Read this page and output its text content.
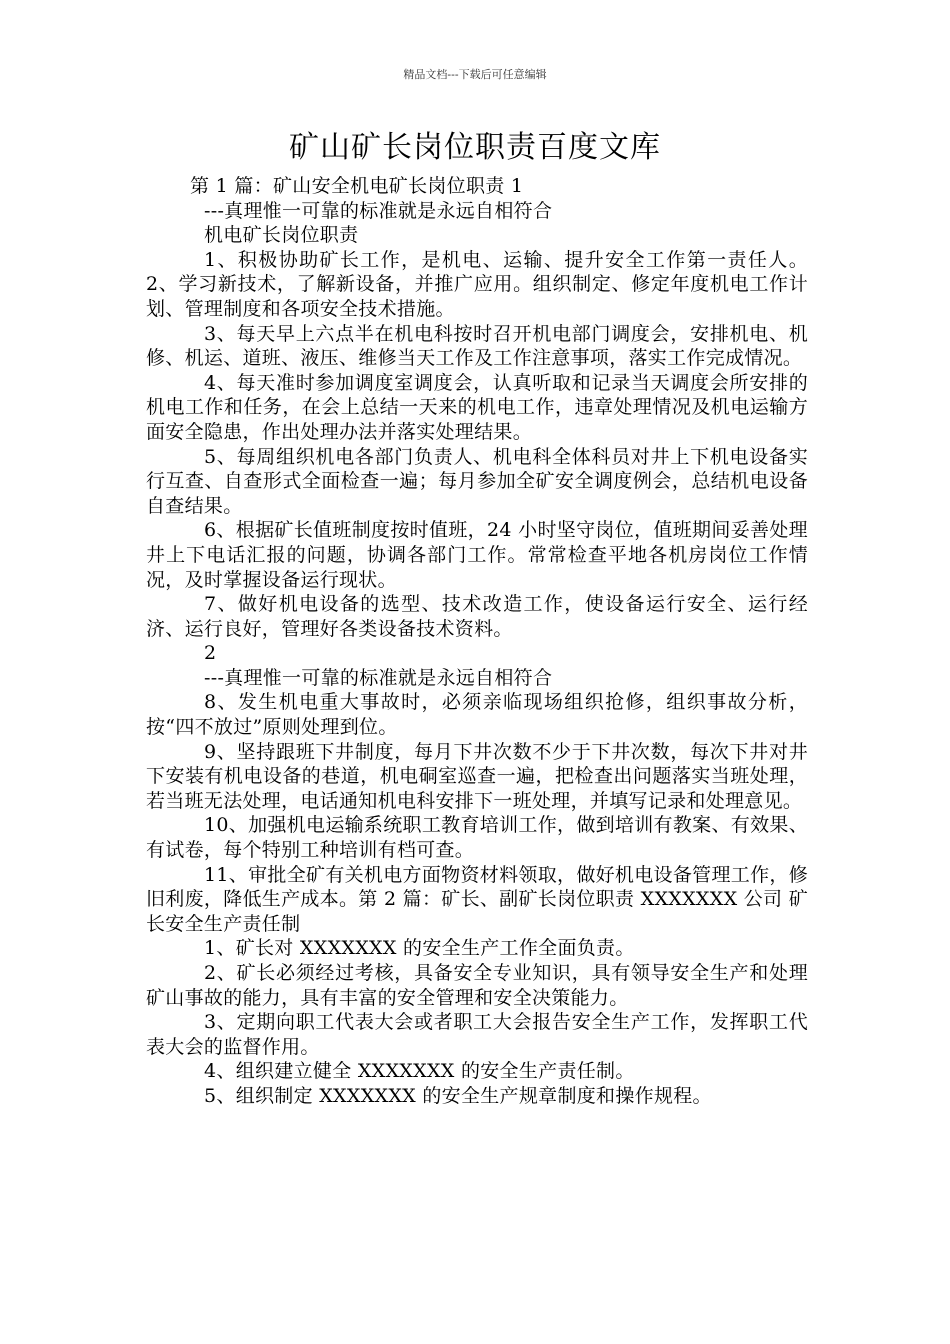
精品文档---下载后可任意编辑
矿山矿长岗位职责百度文库

第 1 篇：矿山安全机电矿长岗位职责 1

---真理惟一可靠的标准就是永远自相符合

机电矿长岗位职责

1、积极协助矿长工作，是机电、运输、提升安全工作第一责任人。 2、学习新技术，了解新设备，并推广应用。组织制定、修定年度机电工作计划、管理制度和各项安全技术措施。

3、每天早上六点半在机电科按时召开机电部门调度会，安排机电、机修、机运、道班、液压、维修当天工作及工作注意事项，落实工作完成情况。

4、每天准时参加调度室调度会，认真听取和记录当天调度会所安排的机电工作和任务，在会上总结一天来的机电工作，违章处理情况及机电运输方面安全隐患，作出处理办法并落实处理结果。

5、每周组织机电各部门负责人、机电科全体科员对井上下机电设备实行互查、自查形式全面检查一遍；每月参加全矿安全调度例会，总结机电设备自查结果。

6、根据矿长值班制度按时值班，24 小时坚守岗位，值班期间妥善处理井上下电话汇报的问题，协调各部门工作。常常检查平地各机房岗位工作情况，及时掌握设备运行现状。

7、做好机电设备的选型、技术改造工作，使设备运行安全、运行经济、运行良好，管理好各类设备技术资料。

2

---真理惟一可靠的标准就是永远自相符合

8、发生机电重大事故时，必须亲临现场组织抢修，组织事故分析，按“四不放过”原则处理到位。

9、坚持跟班下井制度，每月下井次数不少于下井次数，每次下井对井下安装有机电设备的巷道，机电硐室巡查一遍，把检查出问题落实当班处理，若当班无法处理，电话通知机电科安排下一班处理，并填写记录和处理意见。

10、加强机电运输系统职工教育培训工作，做到培训有教案、有效果、有试卷，每个特别工种培训有档可查。

11、审批全矿有关机电方面物资材料领取，做好机电设备管理工作，修旧利废，降低生产成本。第 2 篇：矿长、副矿长岗位职责 XXXXXXX 公司 矿长安全生产责任制

1、矿长对 XXXXXXX 的安全生产工作全面负责。

2、矿长必须经过考核，具备安全专业知识，具有领导安全生产和处理矿山事故的能力，具有丰富的安全管理和安全决策能力。

3、定期向职工代表大会或者职工大会报告安全生产工作，发挥职工代表大会的监督作用。

4、组织建立健全 XXXXXXX 的安全生产责任制。

5、组织制定 XXXXXXX 的安全生产规章制度和操作规程。
